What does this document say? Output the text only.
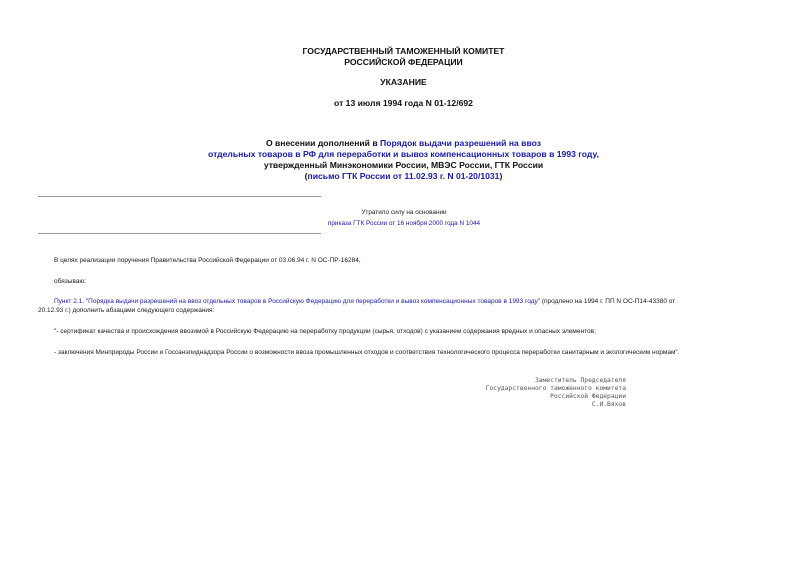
ГОСУДАРСТВЕННЫЙ ТАМОЖЕННЫЙ КОМИТЕТ
РОССИЙСКОЙ ФЕДЕРАЦИИ
УКАЗАНИЕ
от 13 июля 1994 года N 01-12/692
О внесении дополнений в Порядок выдачи разрешений на ввоз
отдельных товаров в РФ для переработки и вывоз компенсационных товаров в 1993 году,
утвержденный Минэкономики России, МВЭС России, ГТК России
(письмо ГТК России от 11.02.93 г. N 01-20/1031)
Утратило силу на основании
приказа ГТК России от 16 ноября 2000 года N 1044
В целях реализации поручения Правительства Российской Федерации от 03.06.94 г. N ОС-ПР-16284,
обязываю:
Пункт 2.1. "Порядка выдачи разрешений на ввоз отдельных товаров в Российскую Федерацию для переработки и вывоз компенсационных товаров в 1993 году" (продлено на 1994 г. ПП N ОС-П14-43380 от
20.12.93 г.) дополнить абзацами следующего содержания:
"- сертификат качества и происхождения ввозимой в Российскую Федерацию на переработку продукции (сырья, отходов) с указанием содержания вредных и опасных элементов;
- заключения Минприроды России и Госсанэпиднадзора России о возможности ввоза промышленных отходов и соответствия технологического процесса переработки санитарным и экологическим нормам".
Заместитель Председателя
Государственного таможенного комитета
Российской Федерации
С.И.Вяхов
